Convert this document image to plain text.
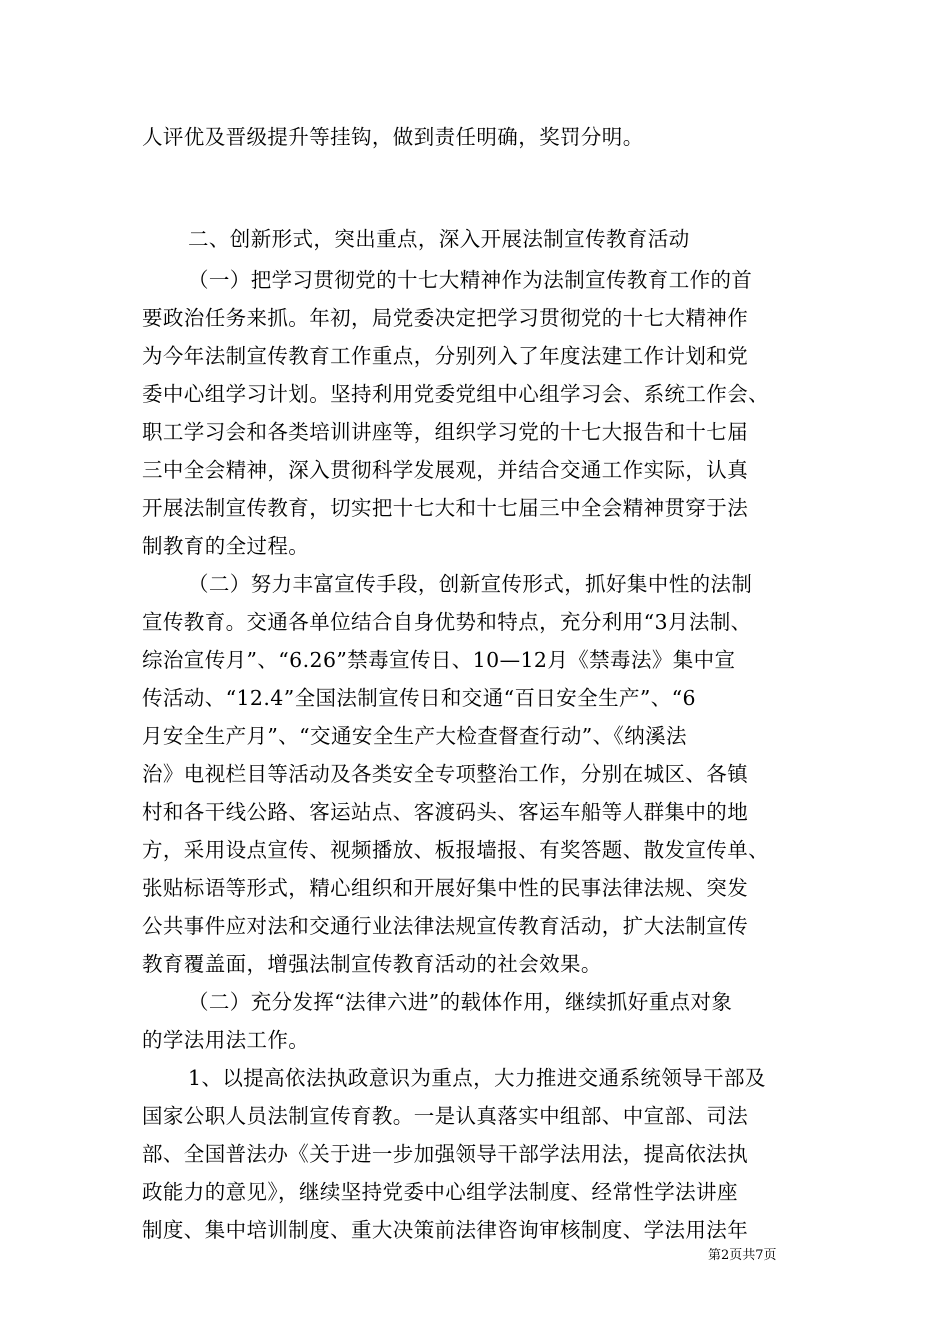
人评优及晋级提升等挂钩，做到责任明确，奖罚分明。
二、创新形式，突出重点，深入开展法制宣传教育活动
（一）把学习贯彻党的十七大精神作为法制宣传教育工作的首
要政治任务来抓。年初，局党委决定把学习贯彻党的十七大精神作
为今年法制宣传教育工作重点，分别列入了年度法建工作计划和党
委中心组学习计划。坚持利用党委党组中心组学习会、系统工作会、
职工学习会和各类培训讲座等，组织学习党的十七大报告和十七届
三中全会精神，深入贯彻科学发展观，并结合交通工作实际，认真
开展法制宣传教育，切实把十七大和十七届三中全会精神贯穿于法
制教育的全过程。
（二）努力丰富宣传手段，创新宣传形式，抓好集中性的法制
宣传教育。交通各单位结合自身优势和特点，充分利用“3月法制、
综治宣传月”、“6.26”禁毒宣传日、10—12月《禁毒法》集中宣
传活动、“12.4”全国法制宣传日和交通“百日安全生产”、“6
月安全生产月”、“交通安全生产大检查督查行动”、《纳溪法
治》电视栏目等活动及各类安全专项整治工作，分别在城区、各镇
村和各干线公路、客运站点、客渡码头、客运车船等人群集中的地
方，采用设点宣传、视频播放、板报墙报、有奖答题、散发宣传单、
张贴标语等形式，精心组织和开展好集中性的民事法律法规、突发
公共事件应对法和交通行业法律法规宣传教育活动，扩大法制宣传
教育覆盖面，增强法制宣传教育活动的社会效果。
（二）充分发挥“法律六进”的载体作用，继续抓好重点对象
的学法用法工作。
1、以提高依法执政意识为重点，大力推进交通系统领导干部及
国家公职人员法制宣传育教。一是认真落实中组部、中宣部、司法
部、全国普法办《关于进一步加强领导干部学法用法，提高依法执
政能力的意见》，继续坚持党委中心组学法制度、经常性学法讲座
制度、集中培训制度、重大决策前法律咨询审核制度、学法用法年
第2页共7页
